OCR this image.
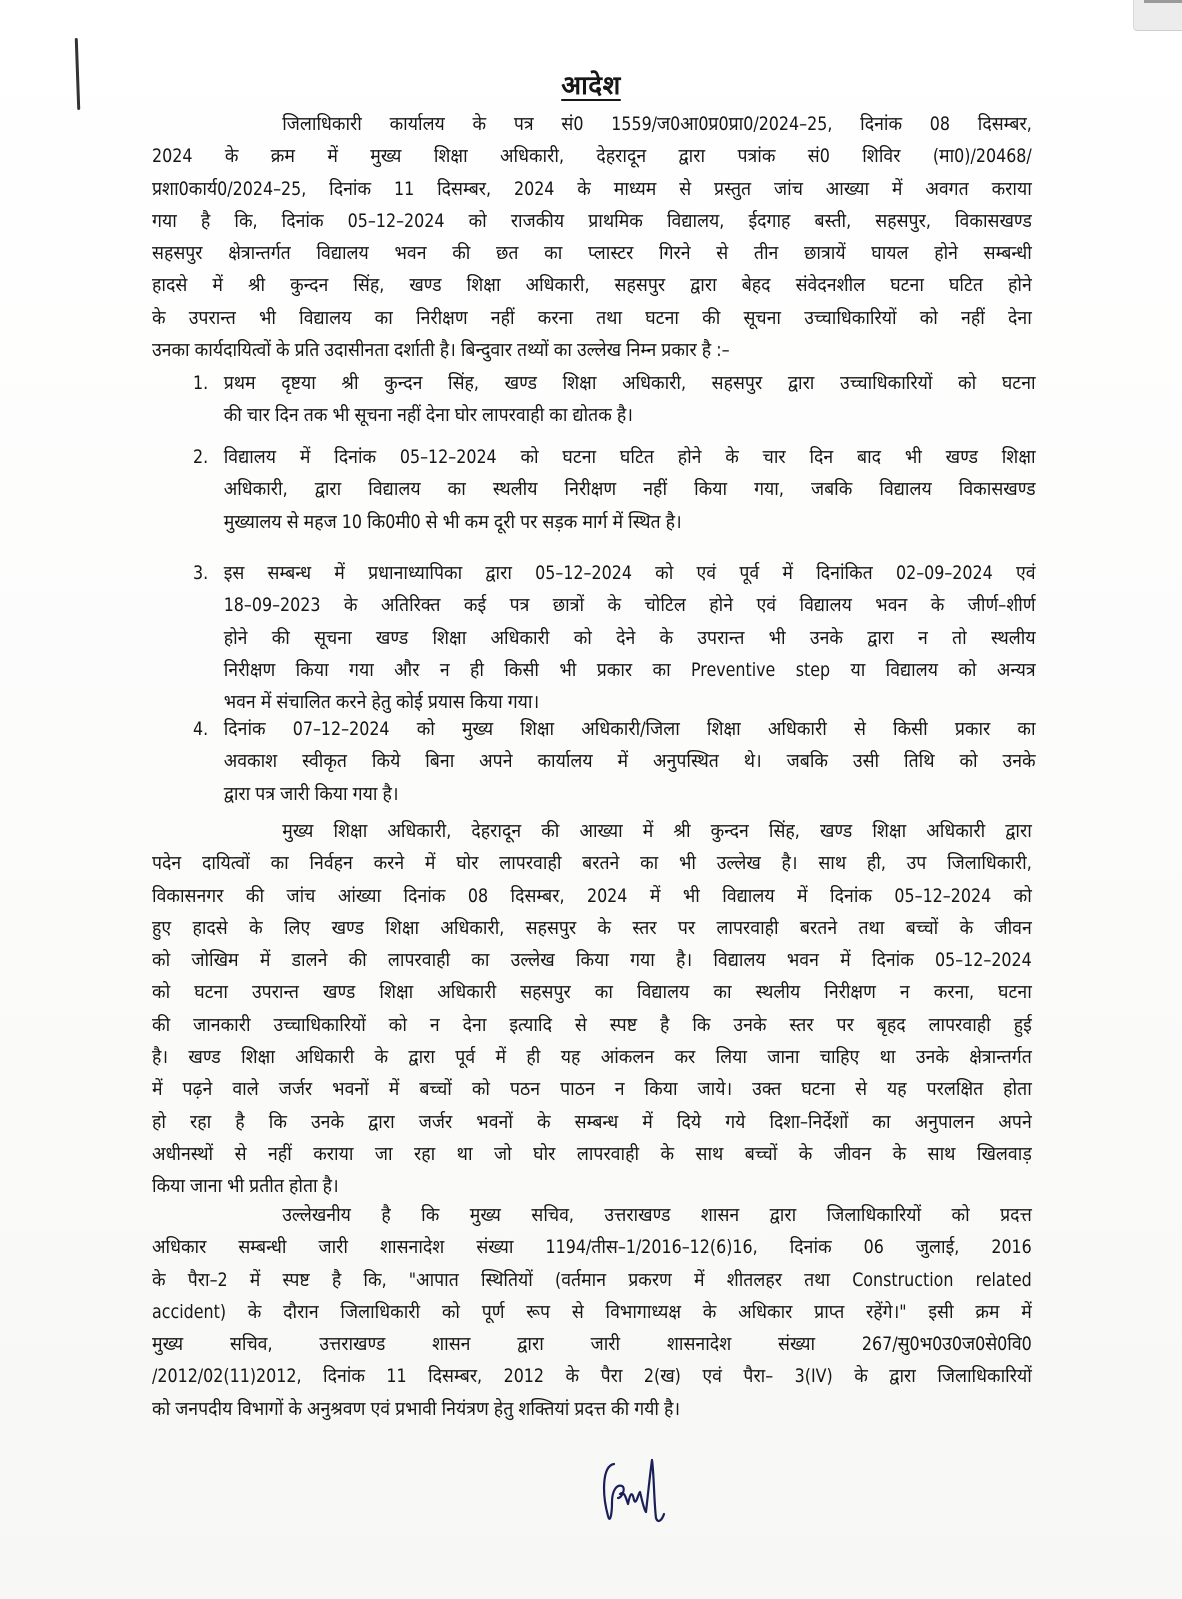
आदेश
जिलाधिकारी कार्यालय के पत्र सं0 1559/ज0आ0प्र0प्रा0/2024–25, दिनांक 08 दिसम्बर,
2024 के क्रम में मुख्य शिक्षा अधिकारी, देहरादून द्वारा पत्रांक सं0 शिविर (मा0)/20468/
प्रशा0कार्य0/2024–25, दिनांक 11 दिसम्बर, 2024 के माध्यम से प्रस्तुत जांच आख्या में अवगत कराया
गया है कि, दिनांक 05–12–2024 को राजकीय प्राथमिक विद्यालय, ईदगाह बस्ती, सहसपुर, विकासखण्ड
सहसपुर क्षेत्रान्तर्गत विद्यालय भवन की छत का प्लास्टर गिरने से तीन छात्रायें घायल होने सम्बन्धी
हादसे में श्री कुन्दन सिंह, खण्ड शिक्षा अधिकारी, सहसपुर द्वारा बेहद संवेदनशील घटना घटित होने
के उपरान्त भी विद्यालय का निरीक्षण नहीं करना तथा घटना की सूचना उच्चाधिकारियों को नहीं देना
उनका कार्यदायित्वों के प्रति उदासीनता दर्शाती है। बिन्दुवार तथ्यों का उल्लेख निम्न प्रकार है :–
1. प्रथम दृष्टया श्री कुन्दन सिंह, खण्ड शिक्षा अधिकारी, सहसपुर द्वारा उच्चाधिकारियों को घटना
की चार दिन तक भी सूचना नहीं देना घोर लापरवाही का द्योतक है।
2. विद्यालय में दिनांक 05–12–2024 को घटना घटित होने के चार दिन बाद भी खण्ड शिक्षा
अधिकारी, द्वारा विद्यालय का स्थलीय निरीक्षण नहीं किया गया, जबकि विद्यालय विकासखण्ड
मुख्यालय से महज 10 कि0मी0 से भी कम दूरी पर सड़क मार्ग में स्थित है।
3. इस सम्बन्ध में प्रधानाध्यापिका द्वारा 05–12–2024 को एवं पूर्व में दिनांकित 02–09–2024 एवं
18–09–2023 के अतिरिक्त कई पत्र छात्रों के चोटिल होने एवं विद्यालय भवन के जीर्ण–शीर्ण
होने की सूचना खण्ड शिक्षा अधिकारी को देने के उपरान्त भी उनके द्वारा न तो स्थलीय
निरीक्षण किया गया और न ही किसी भी प्रकार का Preventive step या विद्यालय को अन्यत्र
भवन में संचालित करने हेतु कोई प्रयास किया गया।
4. दिनांक 07–12–2024 को मुख्य शिक्षा अधिकारी/जिला शिक्षा अधिकारी से किसी प्रकार का
अवकाश स्वीकृत किये बिना अपने कार्यालय में अनुपस्थित थे। जबकि उसी तिथि को उनके
द्वारा पत्र जारी किया गया है।
मुख्य शिक्षा अधिकारी, देहरादून की आख्या में श्री कुन्दन सिंह, खण्ड शिक्षा अधिकारी द्वारा
पदेन दायित्वों का निर्वहन करने में घोर लापरवाही बरतने का भी उल्लेख है। साथ ही, उप जिलाधिकारी,
विकासनगर की जांच आंख्या दिनांक 08 दिसम्बर, 2024 में भी विद्यालय में दिनांक 05–12–2024 को
हुए हादसे के लिए खण्ड शिक्षा अधिकारी, सहसपुर के स्तर पर लापरवाही बरतने तथा बच्चों के जीवन
को जोखिम में डालने की लापरवाही का उल्लेख किया गया है। विद्यालय भवन में दिनांक 05–12–2024
को घटना उपरान्त खण्ड शिक्षा अधिकारी सहसपुर का विद्यालय का स्थलीय निरीक्षण न करना, घटना
की जानकारी उच्चाधिकारियों को न देना इत्यादि से स्पष्ट है कि उनके स्तर पर बृहद लापरवाही हुई
है। खण्ड शिक्षा अधिकारी के द्वारा पूर्व में ही यह आंकलन कर लिया जाना चाहिए था उनके क्षेत्रान्तर्गत
में पढ़ने वाले जर्जर भवनों में बच्चों को पठन पाठन न किया जाये। उक्त घटना से यह परलक्षित होता
हो रहा है कि उनके द्वारा जर्जर भवनों के सम्बन्ध में दिये गये दिशा–निर्देशों का अनुपालन अपने
अधीनस्थों से नहीं कराया जा रहा था जो घोर लापरवाही के साथ बच्चों के जीवन के साथ खिलवाड़
किया जाना भी प्रतीत होता है।
उल्लेखनीय है कि मुख्य सचिव, उत्तराखण्ड शासन द्वारा जिलाधिकारियों को प्रदत्त
अधिकार सम्बन्धी जारी शासनादेश संख्या 1194/तीस–1/2016–12(6)16, दिनांक 06 जुलाई, 2016
के पैरा–2 में स्पष्ट है कि, "आपात स्थितियों (वर्तमान प्रकरण में शीतलहर तथा Construction related
accident) के दौरान जिलाधिकारी को पूर्ण रूप से विभागाध्यक्ष के अधिकार प्राप्त रहेंगे।" इसी क्रम में
मुख्य सचिव, उत्तराखण्ड शासन द्वारा जारी शासनादेश संख्या 267/सु0भ0उ0ज0से0वि0
/2012/02(11)2012, दिनांक 11 दिसम्बर, 2012 के पैरा 2(ख) एवं पैरा– 3(IV) के द्वारा जिलाधिकारियों
को जनपदीय विभागों के अनुश्रवण एवं प्रभावी नियंत्रण हेतु शक्तियां प्रदत्त की गयी है।
